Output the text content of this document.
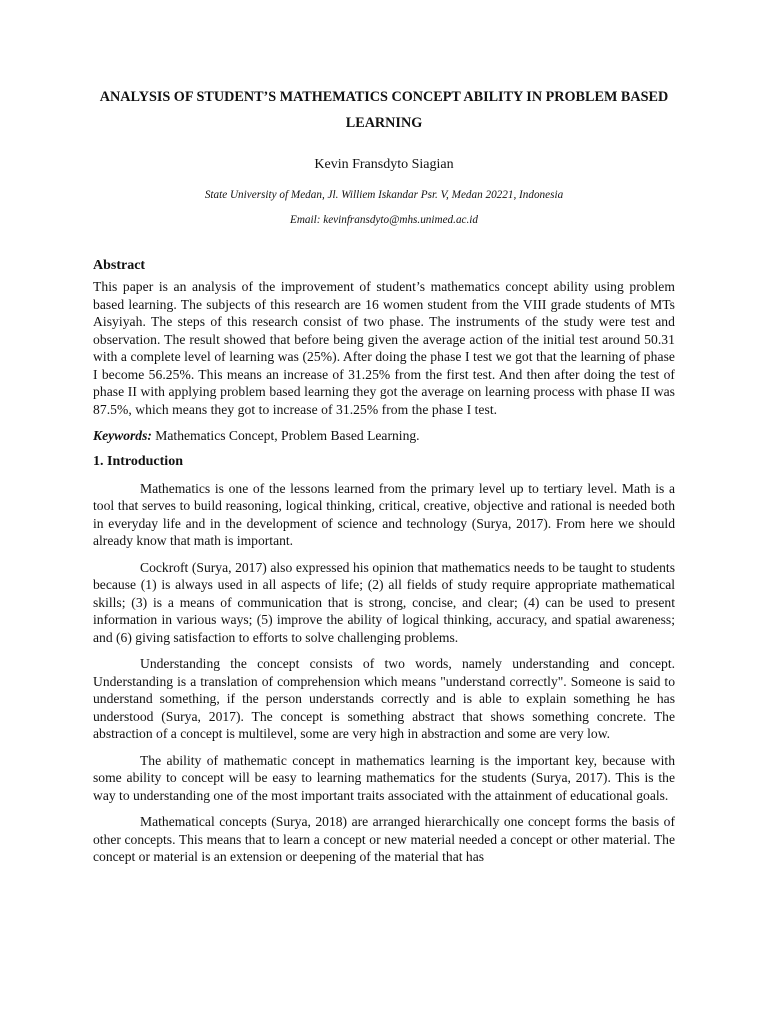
ANALYSIS OF STUDENT’S MATHEMATICS CONCEPT ABILITY IN PROBLEM BASED LEARNING

Kevin Fransdyto Siagian

State University of Medan, Jl. Williem Iskandar Psr. V, Medan 20221, Indonesia

Email: kevinfransdyto@mhs.unimed.ac.id

Abstract

This paper is an analysis of the improvement of student’s mathematics concept ability using problem based learning. The subjects of this research are 16 women student from the VIII grade students of MTs Aisyiyah. The steps of this research consist of two phase. The instruments of the study were test and observation. The result showed that before being given the average action of the initial test around 50.31 with a complete level of learning was (25%). After doing the phase I test we got that the learning of phase I become 56.25%. This means an increase of 31.25% from the first test. And then after doing the test of phase II with applying problem based learning they got the average on learning process with phase II was 87.5%, which means they got to increase of 31.25% from the phase I test.

Keywords: Mathematics Concept, Problem Based Learning.

1. Introduction

Mathematics is one of the lessons learned from the primary level up to tertiary level. Math is a tool that serves to build reasoning, logical thinking, critical, creative, objective and rational is needed both in everyday life and in the development of science and technology (Surya, 2017). From here we should already know that math is important.

Cockroft (Surya, 2017) also expressed his opinion that mathematics needs to be taught to students because (1) is always used in all aspects of life; (2) all fields of study require appropriate mathematical skills; (3) is a means of communication that is strong, concise, and clear; (4) can be used to present information in various ways; (5) improve the ability of logical thinking, accuracy, and spatial awareness; and (6) giving satisfaction to efforts to solve challenging problems.

Understanding the concept consists of two words, namely understanding and concept. Understanding is a translation of comprehension which means "understand correctly". Someone is said to understand something, if the person understands correctly and is able to explain something he has understood (Surya, 2017). The concept is something abstract that shows something concrete. The abstraction of a concept is multilevel, some are very high in abstraction and some are very low.

The ability of mathematic concept in mathematics learning is the important key, because with some ability to concept will be easy to learning mathematics for the students (Surya, 2017). This is the way to understanding one of the most important traits associated with the attainment of educational goals.

Mathematical concepts (Surya, 2018) are arranged hierarchically one concept forms the basis of other concepts. This means that to learn a concept or new material needed a concept or other material. The concept or material is an extension or deepening of the material that has
